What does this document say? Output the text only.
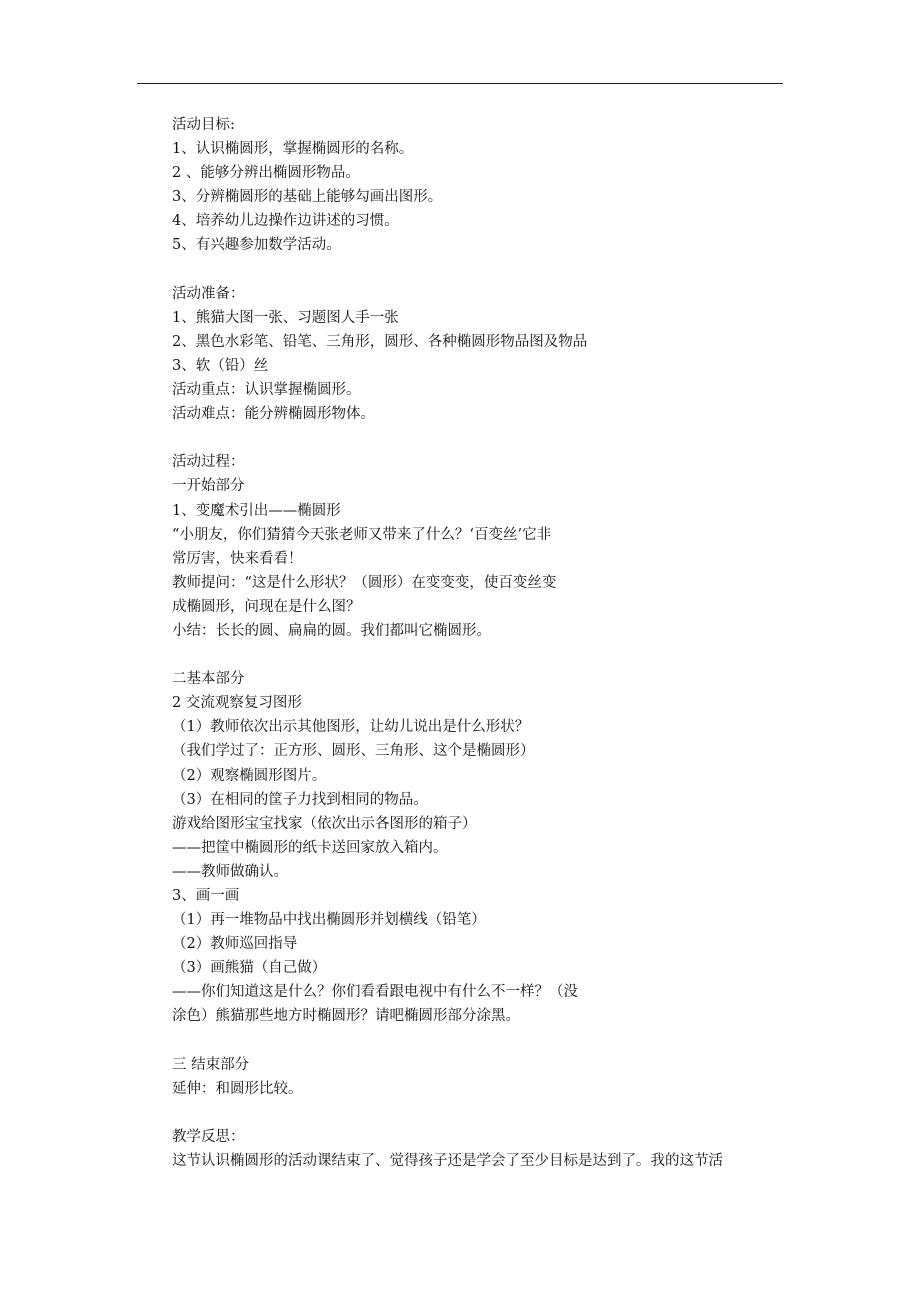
活动目标:
1、认识椭圆形，掌握椭圆形的名称。
2 、能够分辨出椭圆形物品。
3、分辨椭圆形的基础上能够勾画出图形。
4、培养幼儿边操作边讲述的习惯。
5、有兴趣参加数学活动。
活动准备：
1、熊猫大图一张、习题图人手一张
2、黑色水彩笔、铅笔、三角形，圆形、各种椭圆形物品图及物品
3、软（铅）丝
活动重点：认识掌握椭圆形。
活动难点：能分辨椭圆形物体。
活动过程：
一开始部分
1、变魔术引出——椭圆形
“小朋友，你们猜猜今天张老师又带来了什么？‘百变丝’它非
常厉害，快来看看！
教师提问：“这是什么形状？（圆形）在变变变，使百变丝变
成椭圆形，问现在是什么图？
小结：长长的圆、扁扁的圆。我们都叫它椭圆形。
二基本部分
2 交流观察复习图形
（1）教师依次出示其他图形，让幼儿说出是什么形状？
（我们学过了：正方形、圆形、三角形、这个是椭圆形）
（2）观察椭圆形图片。
（3）在相同的筐子力找到相同的物品。
游戏给图形宝宝找家（依次出示各图形的箱子）
——把筐中椭圆形的纸卡送回家放入箱内。
——教师做确认。
3、画一画
（1）再一堆物品中找出椭圆形并划横线（铅笔）
（2）教师巡回指导
（3）画熊猫（自己做）
——你们知道这是什么？你们看看跟电视中有什么不一样？（没
涂色）熊猫那些地方时椭圆形？请吧椭圆形部分涂黑。
三 结束部分
延伸：和圆形比较。
教学反思：
这节认识椭圆形的活动课结束了、觉得孩子还是学会了至少目标是达到了。我的这节活
